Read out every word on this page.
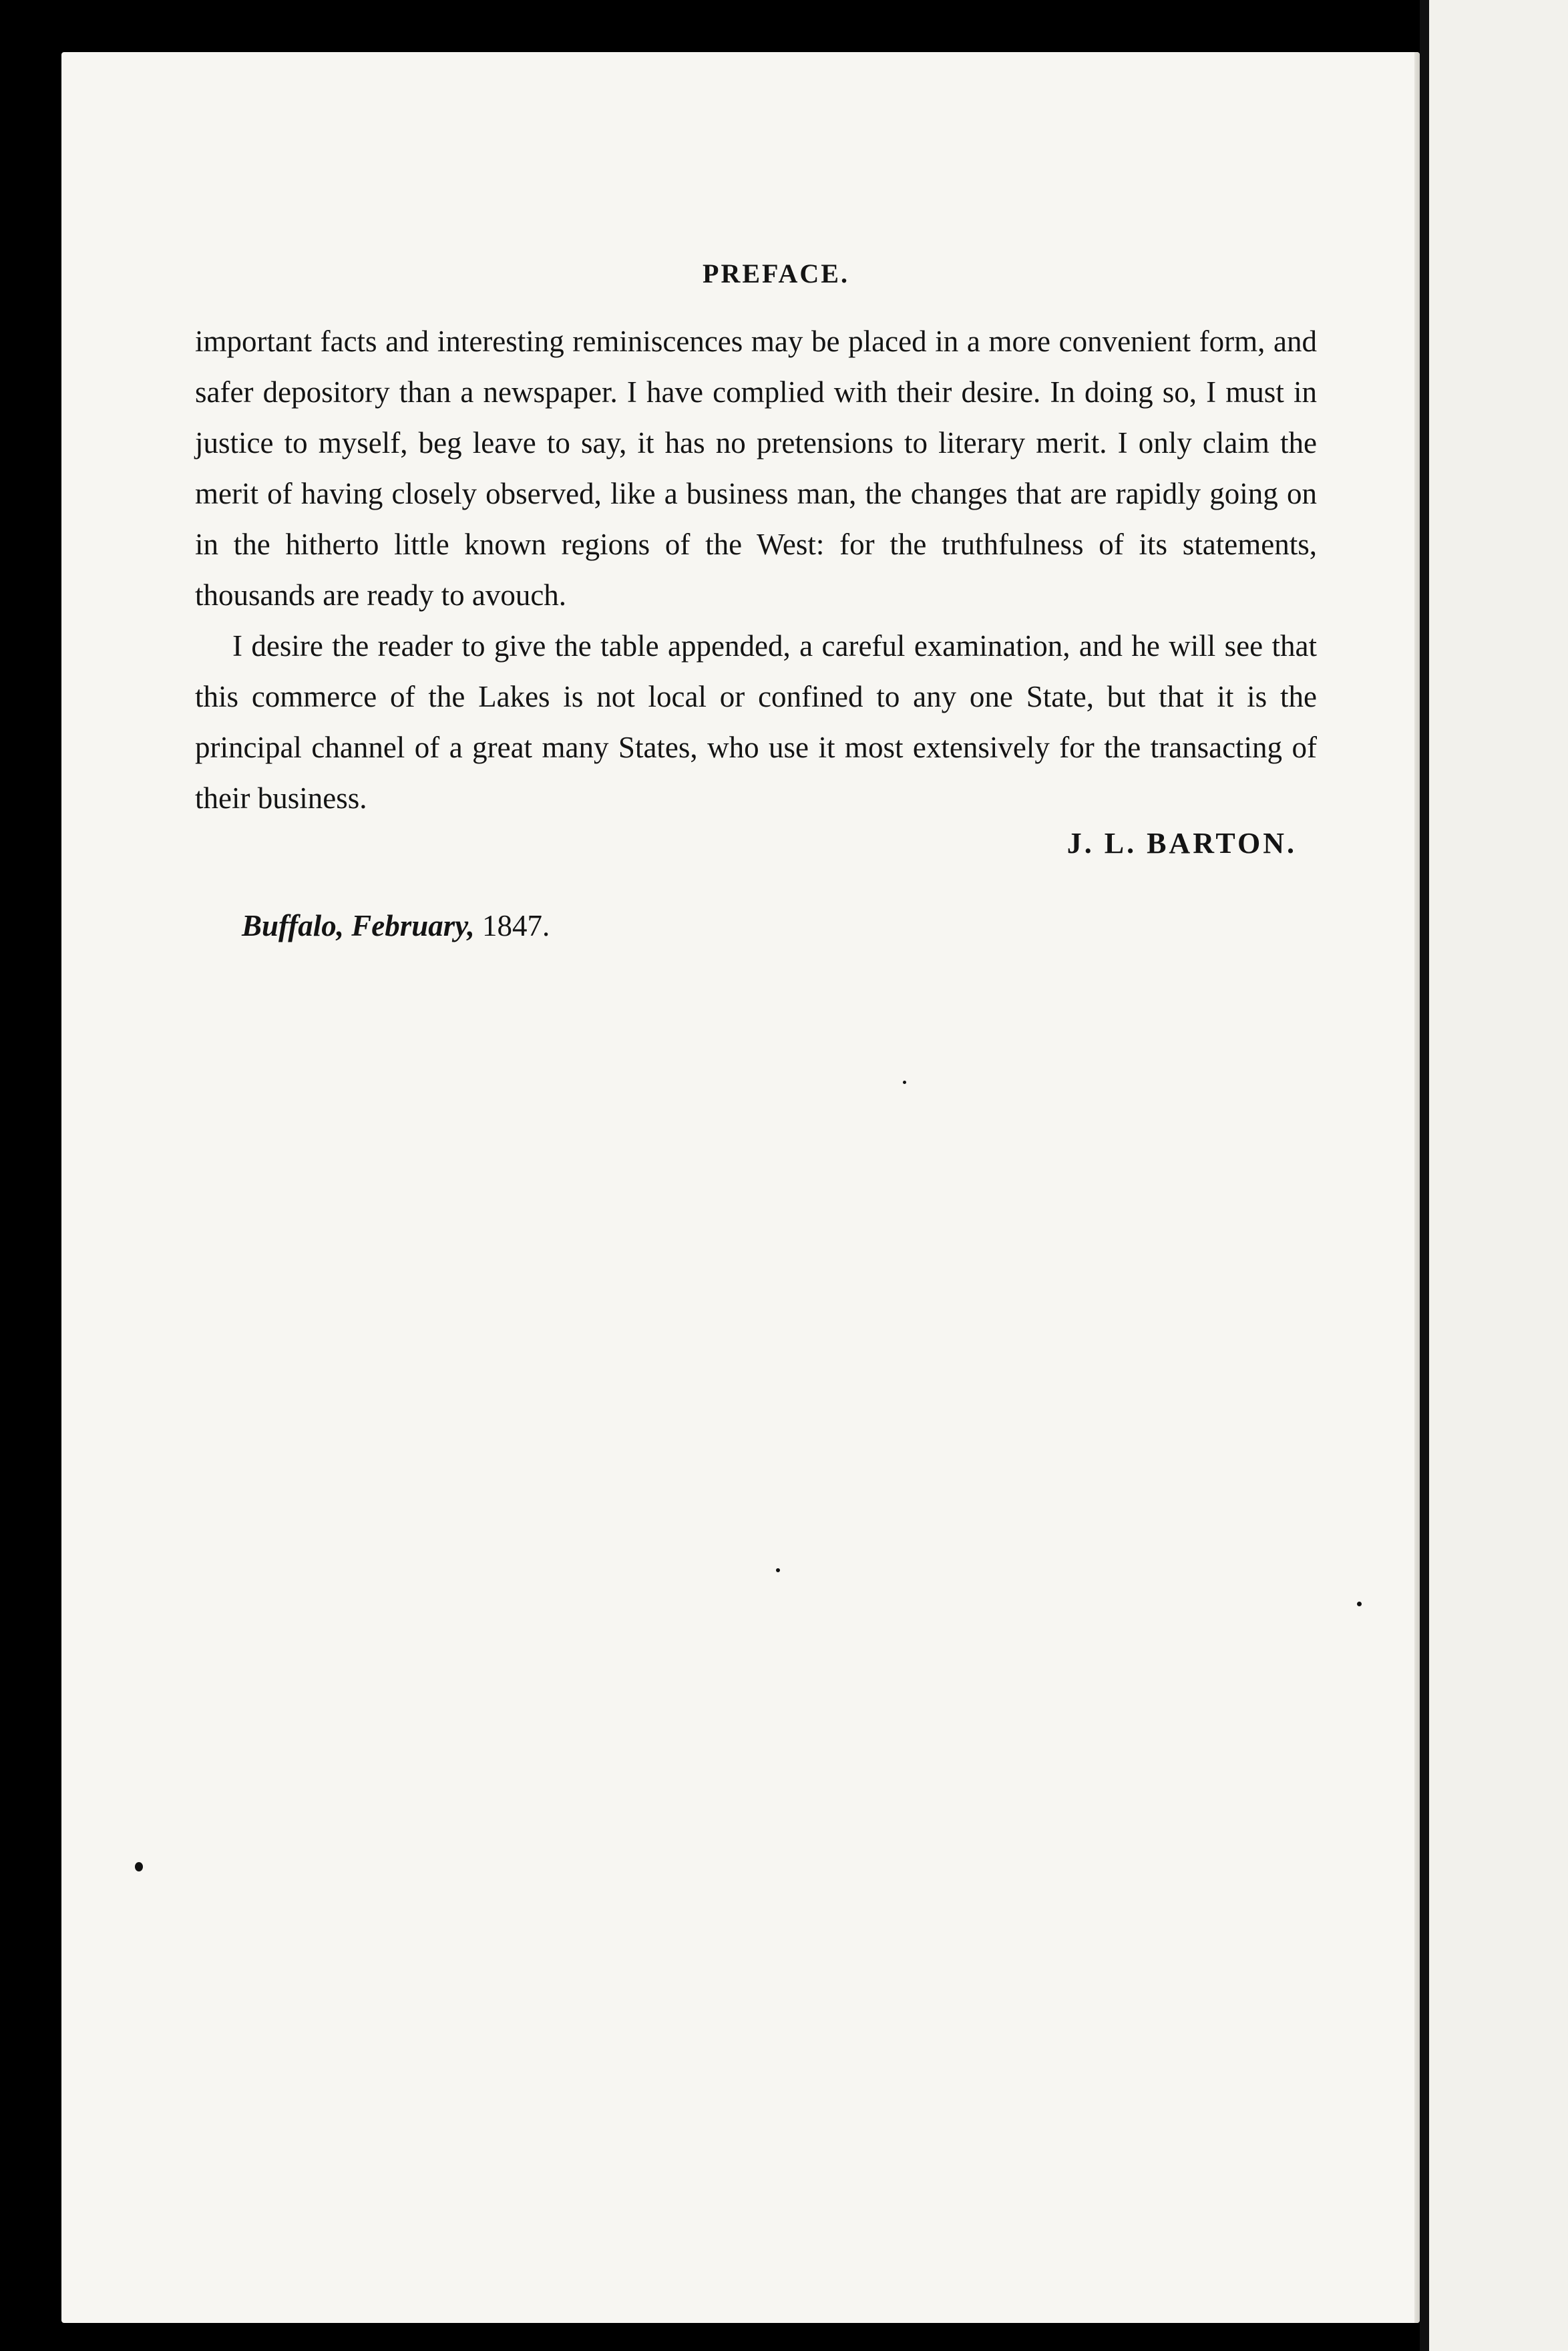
PREFACE.

important facts and interesting reminiscences may be placed in a more convenient form, and safer depository than a newspaper. I have complied with their desire. In doing so, I must in justice to myself, beg leave to say, it has no pretensions to literary merit. I only claim the merit of having closely observed, like a business man, the changes that are rapidly going on in the hitherto little known regions of the West: for the truthfulness of its statements, thousands are ready to avouch.

I desire the reader to give the table appended, a careful examination, and he will see that this commerce of the Lakes is not local or confined to any one State, but that it is the principal channel of a great many States, who use it most extensively for the transacting of their business.

J. L. BARTON.
Buffalo, February, 1847.
